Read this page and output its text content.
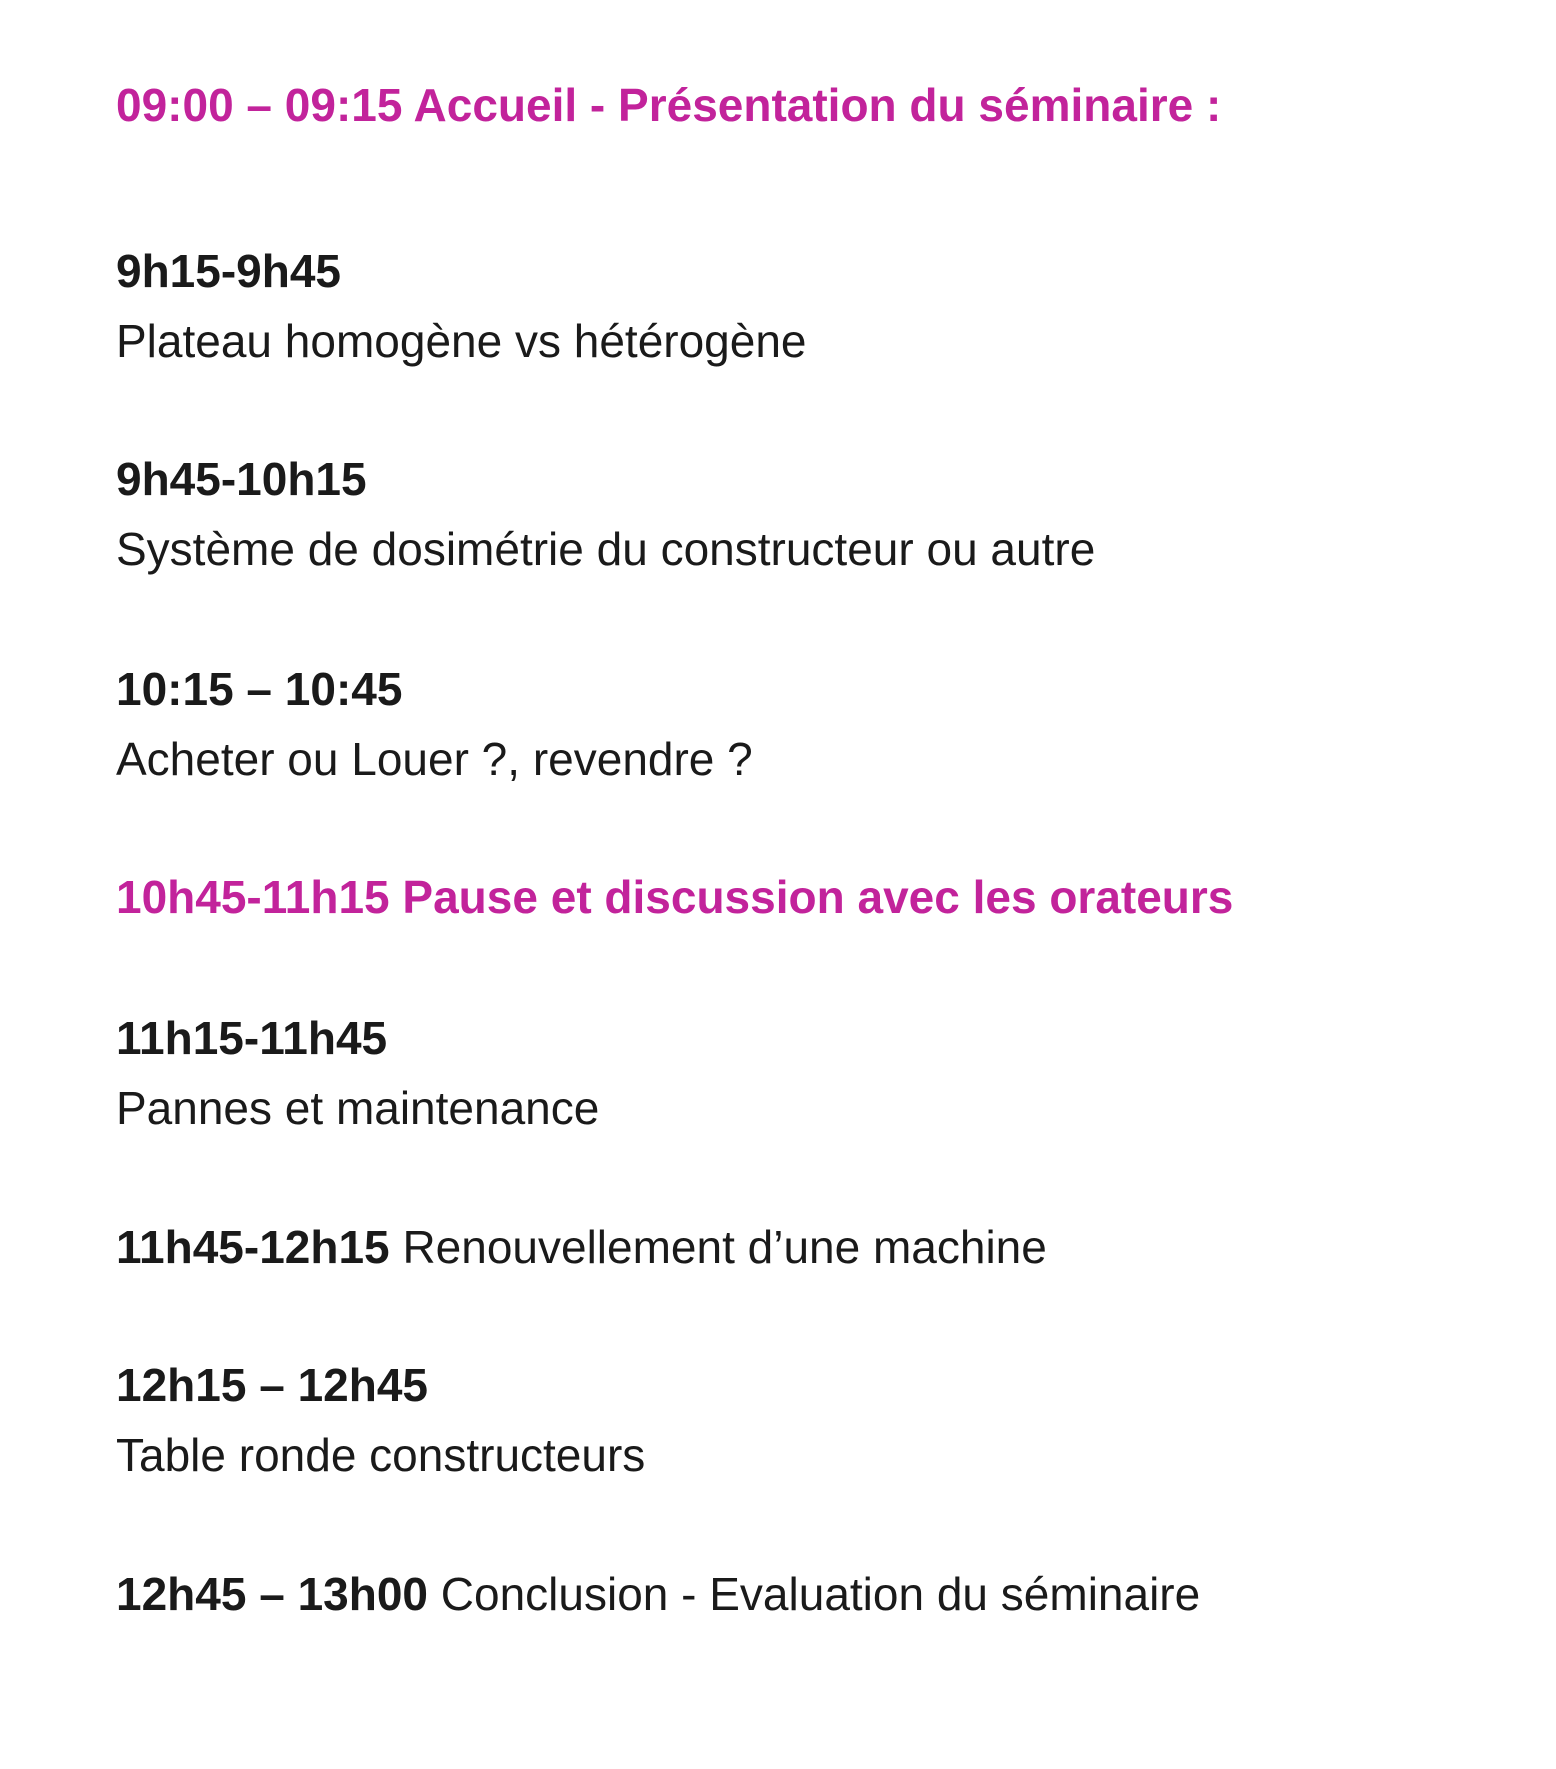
09:00 – 09:15 Accueil - Présentation du séminaire :
9h15-9h45
Plateau homogène vs hétérogène
9h45-10h15
Système de dosimétrie du constructeur ou autre
10:15 – 10:45
Acheter ou Louer ?, revendre ?
10h45-11h15 Pause et discussion avec les orateurs
11h15-11h45
Pannes et maintenance
11h45-12h15 Renouvellement d’une machine
12h15 – 12h45
Table ronde constructeurs
12h45 – 13h00 Conclusion - Evaluation du séminaire
